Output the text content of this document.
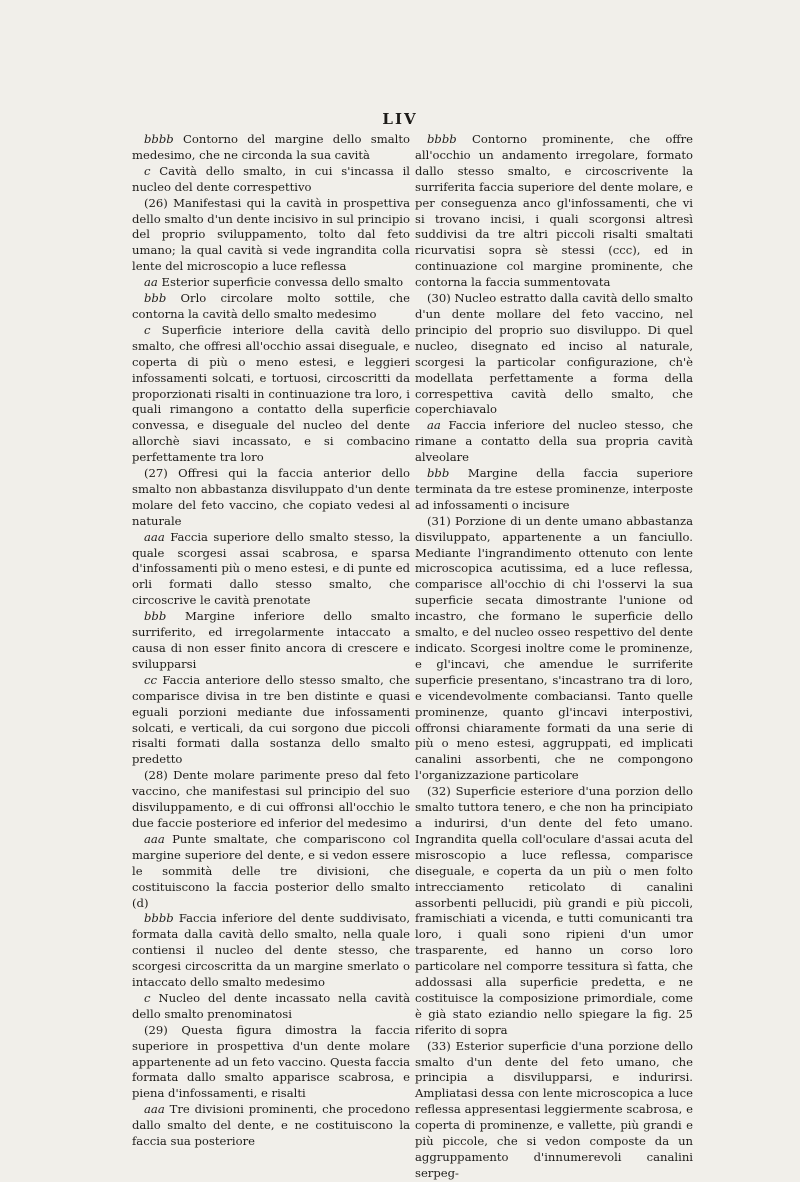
LIV

bbbb Contorno del margine dello smalto medesimo, che ne circonda la sua cavità

c Cavità dello smalto, in cui s'incassa il nucleo del dente correspettivo

(26) Manifestasi qui la cavità in prospettiva dello smalto d'un dente incisivo in sul principio del proprio sviluppamento, tolto dal feto umano; la qual cavità si vede ingrandita colla lente del microscopio a luce reflessa

aa Esterior superficie convessa dello smalto

bbb Orlo circolare molto sottile, che contorna la cavità dello smalto medesimo

c Superficie interiore della cavità dello smalto, che offresi all'occhio assai diseguale, e coperta di più o meno estesi, e leggieri infossamenti solcati, e tortuosi, circoscritti da proporzionati risalti in continuazione tra loro, i quali rimangono a contatto della superficie convessa, e diseguale del nucleo del dente allorchè siavi incassato, e si combacino perfettamente tra loro

(27) Offresi qui la faccia anterior dello smalto non abbastanza disviluppato d'un dente molare del feto vaccino, che copiato vedesi al naturale

aaa Faccia superiore dello smalto stesso, la quale scorgesi assai scabrosa, e sparsa d'infossamenti più o meno estesi, e di punte ed orli formati dallo stesso smalto, che circoscrive le cavità prenotate

bbb Margine inferiore dello smalto surriferito, ed irregolarmente intaccato a causa di non esser finito ancora di crescere e svilupparsi

cc Faccia anteriore dello stesso smalto, che comparisce divisa in tre ben distinte e quasi eguali porzioni mediante due infossamenti solcati, e verticali, da cui sorgono due piccoli risalti formati dalla sostanza dello smalto predetto

(28) Dente molare parimente preso dal feto vaccino, che manifestasi sul principio del suo disviluppamento, e di cui offronsi all'occhio le due faccie posteriore ed inferior del medesimo

aaa Punte smaltate, che compariscono col margine superiore del dente, e si vedon essere le sommità delle tre divisioni, che costituiscono la faccia posterior dello smalto (d)

bbbb Faccia inferiore del dente suddivisato, formata dalla cavità dello smalto, nella quale contiensi il nucleo del dente stesso, che scorgesi circoscritta da un margine smerlato o intaccato dello smalto medesimo

c Nucleo del dente incassato nella cavità dello smalto prenominatosi

(29) Questa figura dimostra la faccia superiore in prospettiva d'un dente molare appartenente ad un feto vaccino. Questa faccia formata dallo smalto apparisce scabrosa, e piena d'infossamenti, e risalti

aaa Tre divisioni prominenti, che procedono dallo smalto del dente, e ne costituiscono la faccia sua posteriore

bbbb Contorno prominente, che offre all'occhio un andamento irregolare, formato dallo stesso smalto, e circoscrivente la surriferita faccia superiore del dente molare, e per conseguenza anco gl'infossamenti, che vi si trovano incisi, i quali scorgonsi altresì suddivisi da tre altri piccoli risalti smaltati ricurvatisi sopra sè stessi (ccc), ed in continuazione col margine prominente, che contorna la faccia summentovata

(30) Nucleo estratto dalla cavità dello smalto d'un dente mollare del feto vaccino, nel principio del proprio suo disviluppo. Di quel nucleo, disegnato ed inciso al naturale, scorgesi la particolar configurazione, ch'è modellata perfettamente a forma della correspettiva cavità dello smalto, che coperchiavalo

aa Faccia inferiore del nucleo stesso, che rimane a contatto della sua propria cavità alveolare

bbb Margine della faccia superiore terminata da tre estese prominenze, interposte ad infossamenti o incisure

(31) Porzione di un dente umano abbastanza disviluppato, appartenente a un fanciullo. Mediante l'ingrandimento ottenuto con lente microscopica acutissima, ed a luce reflessa, comparisce all'occhio di chi l'osservi la sua superficie secata dimostrante l'unione od incastro, che formano le superficie dello smalto, e del nucleo osseo respettivo del dente indicato. Scorgesi inoltre come le prominenze, e gl'incavi, che amendue le surriferite superficie presentano, s'incastrano tra di loro, e vicendevolmente combaciansi. Tanto quelle prominenze, quanto gl'incavi interpostivi, offronsi chiaramente formati da una serie di più o meno estesi, aggruppati, ed implicati canalini assorbenti, che ne compongono l'organizzazione particolare

(32) Superficie esteriore d'una porzion dello smalto tuttora tenero, e che non ha principiato a indurirsi, d'un dente del feto umano. Ingrandita quella coll'oculare d'assai acuta del misroscopio a luce reflessa, comparisce diseguale, e coperta da un più o men folto intrecciamento reticolato di canalini assorbenti pellucidi, più grandi e più piccoli, framischiati a vicenda, e tutti comunicanti tra loro, i quali sono ripieni d'un umor trasparente, ed hanno un corso loro particolare nel comporre tessitura sì fatta, che addossasi alla superficie predetta, e ne costituisce la composizione primordiale, come è già stato eziandio nello spiegare la fig. 25 riferito di sopra

(33) Esterior superficie d'una porzione dello smalto d'un dente del feto umano, che principia a disvilupparsi, e indurirsi. Ampliatasi dessa con lente microscopica a luce reflessa appresentasi leggiermente scabrosa, e coperta di prominenze, e vallette, più grandi e più piccole, che si vedon composte da un aggruppamento d'innumerevoli canalini serpeg-
